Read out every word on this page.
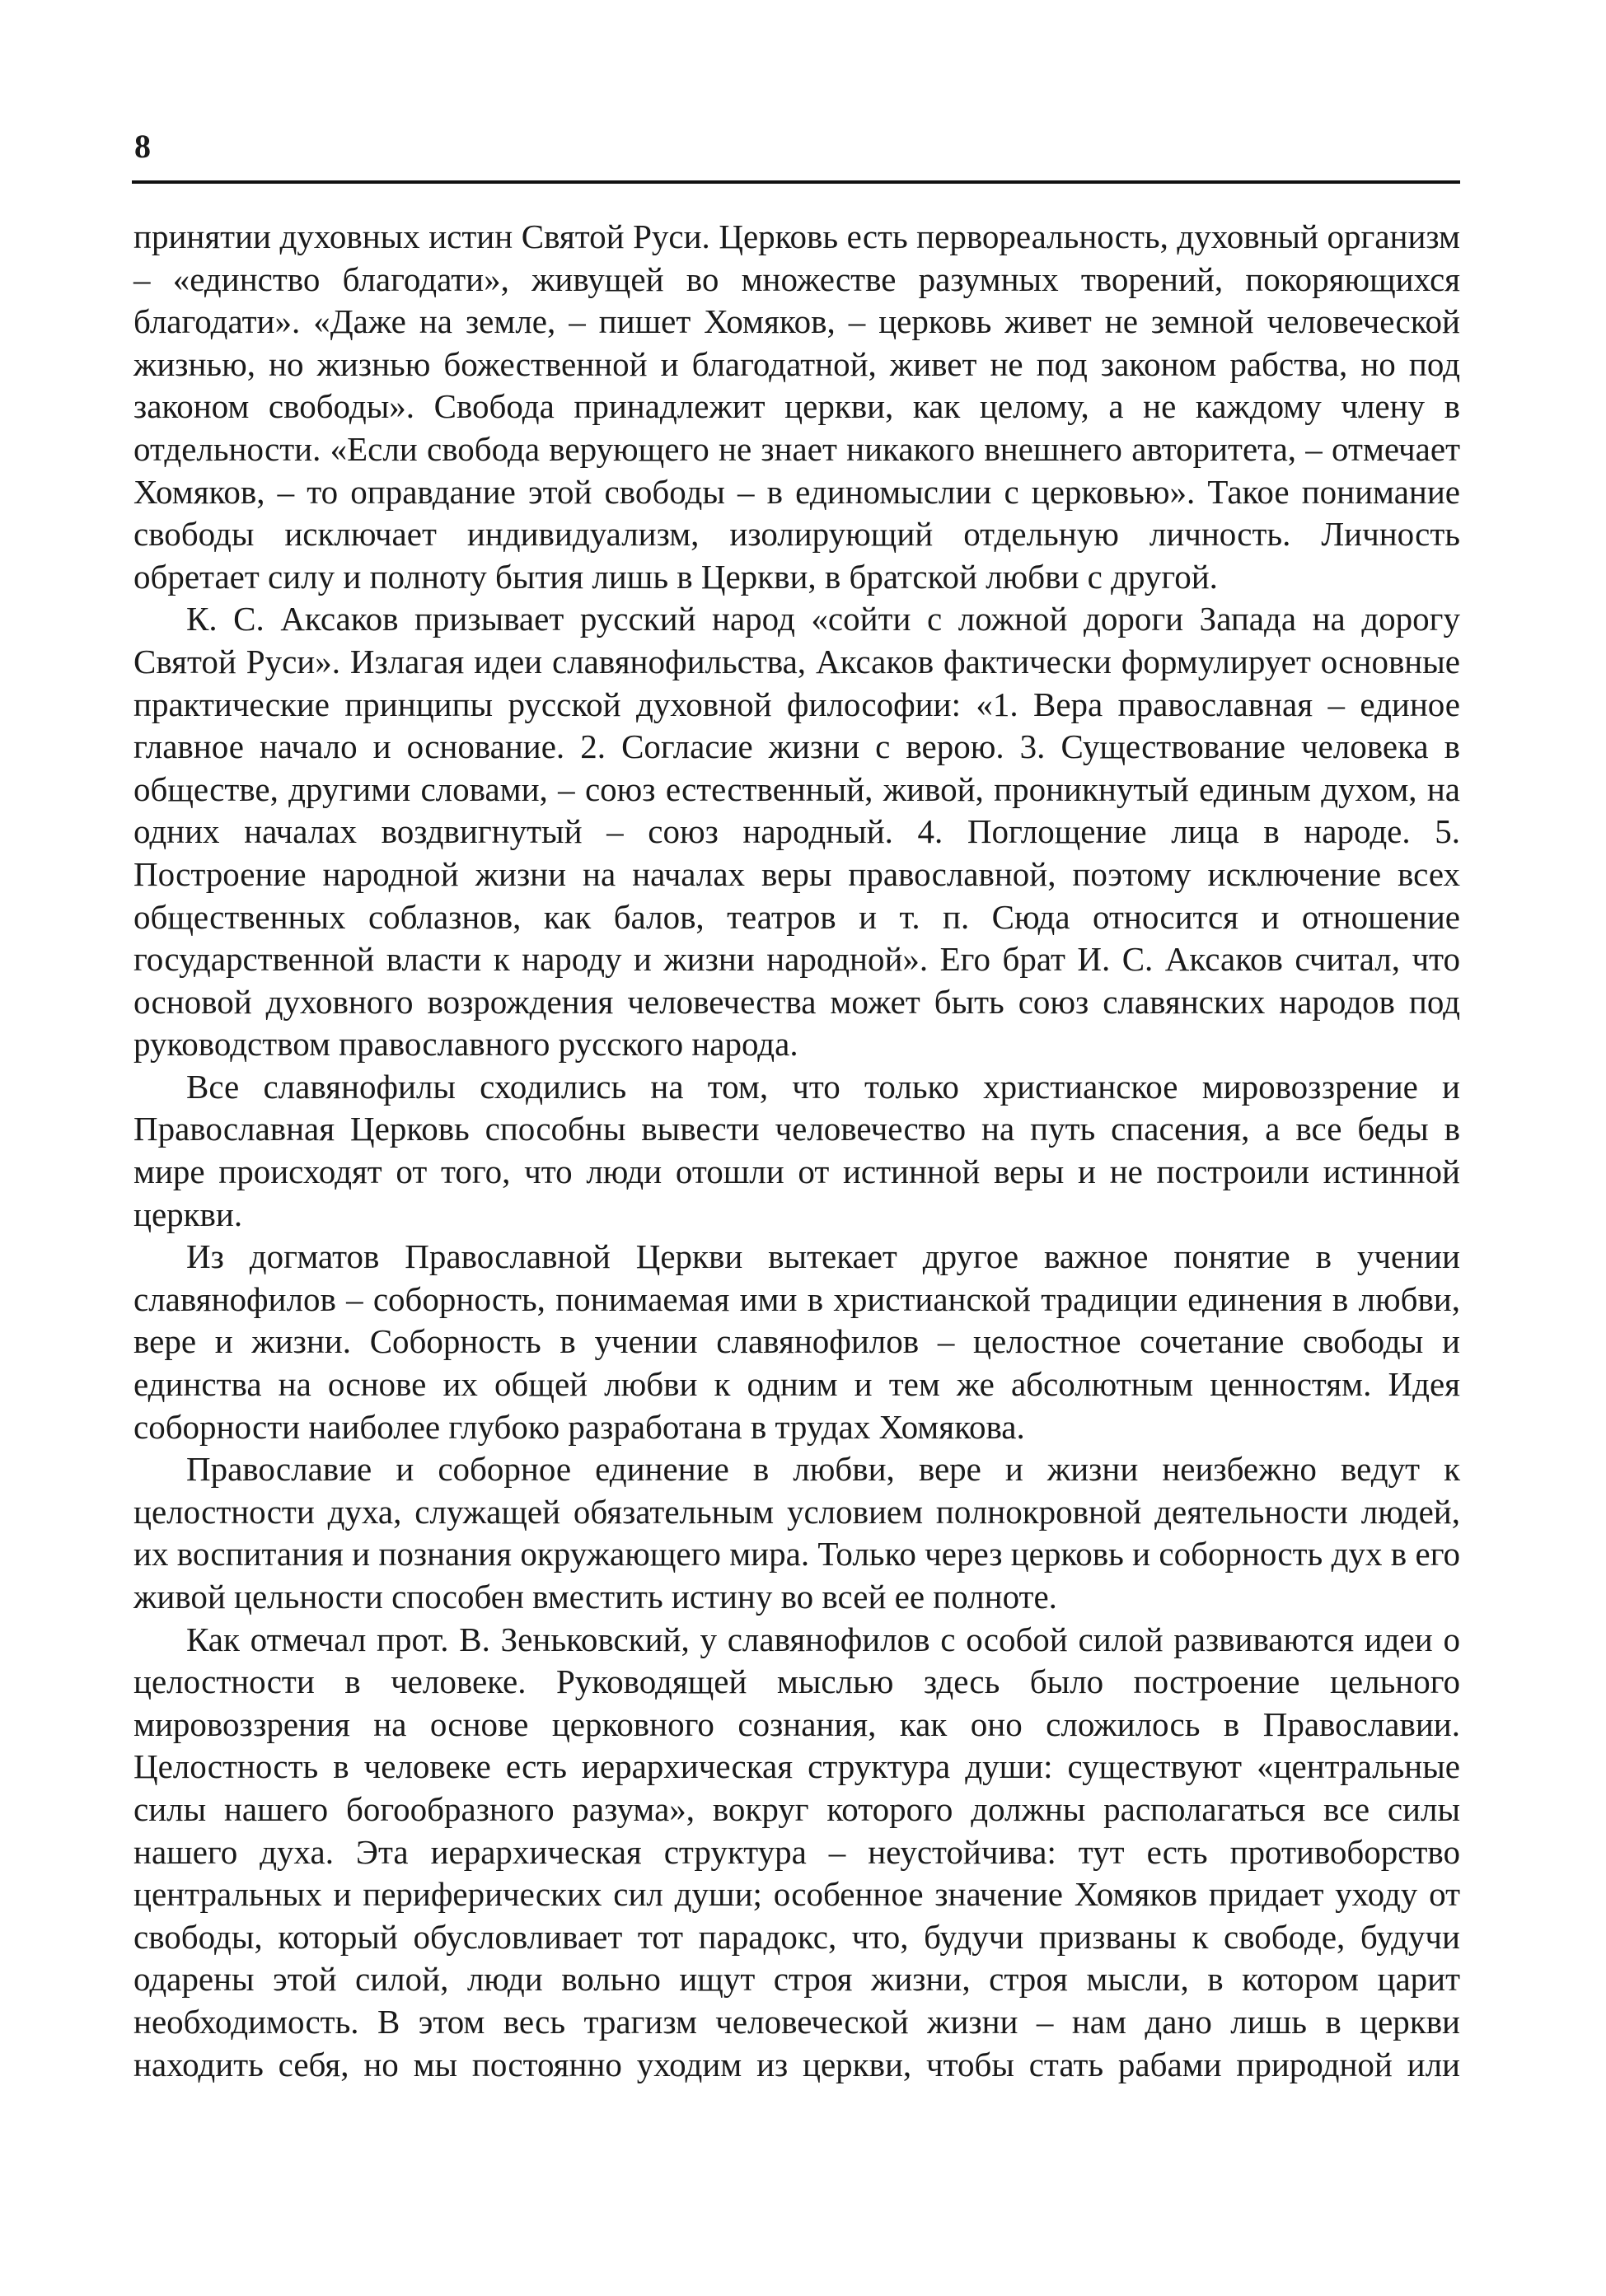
8

принятии духовных истин Святой Руси. Церковь есть первореальность, духовный организм – «единство благодати», живущей во множестве разумных творений, покоряющихся благодати». «Даже на земле, – пишет Хомяков, – церковь живет не земной человеческой жизнью, но жизнью божественной и благодатной, живет не под законом рабства, но под законом свободы». Свобода принадлежит церкви, как целому, а не каждому члену в отдельности. «Если свобода верующего не знает никакого внешнего авторитета, – отмечает Хомяков, – то оправдание этой свободы – в единомыслии с церковью». Такое понимание свободы исключает индивидуализм, изолирующий отдельную личность. Личность обретает силу и полноту бытия лишь в Церкви, в братской любви с другой.

К. С. Аксаков призывает русский народ «сойти с ложной дороги Запада на дорогу Святой Руси». Излагая идеи славянофильства, Аксаков фактически формулирует основные практические принципы русской духовной философии: «1. Вера православная – единое главное начало и основание. 2. Согласие жизни с верою. 3. Существование человека в обществе, другими словами, – союз естественный, живой, проникнутый единым духом, на одних началах воздвигнутый – союз народный. 4. Поглощение лица в народе. 5. Построение народной жизни на началах веры православной, поэтому исключение всех общественных соблазнов, как балов, театров и т. п. Сюда относится и отношение государственной власти к народу и жизни народной». Его брат И. С. Аксаков считал, что основой духовного возрождения человечества может быть союз славянских народов под руководством православного русского народа.

Все славянофилы сходились на том, что только христианское мировоззрение и Православная Церковь способны вывести человечество на путь спасения, а все беды в мире происходят от того, что люди отошли от истинной веры и не построили истинной церкви.

Из догматов Православной Церкви вытекает другое важное понятие в учении славянофилов – соборность, понимаемая ими в христианской традиции единения в любви, вере и жизни. Соборность в учении славянофилов – целостное сочетание свободы и единства на основе их общей любви к одним и тем же абсолютным ценностям. Идея соборности наиболее глубоко разработана в трудах Хомякова.

Православие и соборное единение в любви, вере и жизни неизбежно ведут к целостности духа, служащей обязательным условием полнокровной деятельности людей, их воспитания и познания окружающего мира. Только через церковь и соборность дух в его живой цельности способен вместить истину во всей ее полноте.

Как отмечал прот. В. Зеньковский, у славянофилов с особой силой развиваются идеи о целостности в человеке. Руководящей мыслью здесь было построение цельного мировоззрения на основе церковного сознания, как оно сложилось в Православии. Целостность в человеке есть иерархическая структура души: существуют «центральные силы нашего богообразного разума», вокруг которого должны располагаться все силы нашего духа. Эта иерархическая структура – неустойчива: тут есть противоборство центральных и периферических сил души; особенное значение Хомяков придает уходу от свободы, который обусловливает тот парадокс, что, будучи призваны к свободе, будучи одарены этой силой, люди вольно ищут строя жизни, строя мысли, в котором царит необходимость. В этом весь трагизм человеческой жизни – нам дано лишь в церкви находить себя, но мы постоянно уходим из церкви, чтобы стать рабами природной или
